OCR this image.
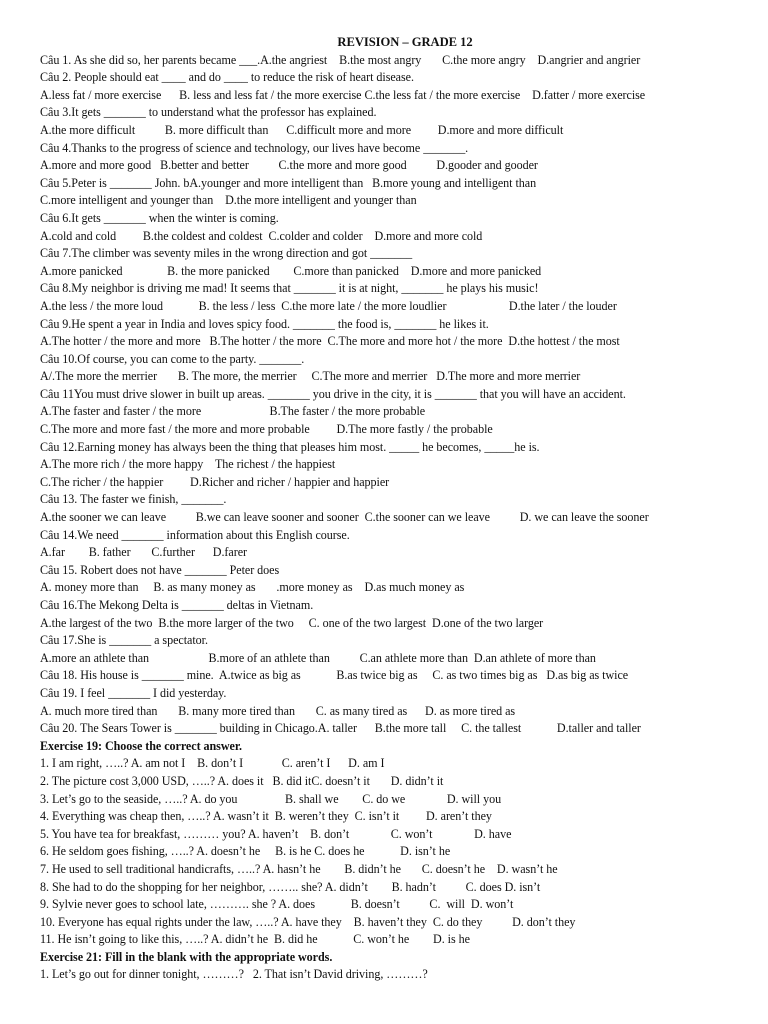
REVISION – GRADE 12
Câu 1. As she did so, her parents became ___.A.the angriest    B.the most angry       C.the more angry    D.angrier and angrier
Câu 2. People should eat ____ and do ____ to reduce the risk of heart disease.
A.less fat / more exercise      B. less and less fat / the more exercise C.the less fat / the more exercise    D.fatter / more exercise
Câu 3.It gets _______ to understand what the professor has explained.
A.the more difficult          B. more difficult than      C.difficult more and more         D.more and more difficult
Câu 4.Thanks to the progress of science and technology, our lives have become _______.
A.more and more good   B.better and better          C.the more and more good          D.gooder and gooder
Câu 5.Peter is _______ John. bA.younger and more intelligent than   B.more young and intelligent than
C.more intelligent and younger than    D.the more intelligent and younger than
Câu 6.It gets _______ when the winter is coming.
A.cold and cold         B.the coldest and coldest  C.colder and colder    D.more and more cold
Câu 7.The climber was seventy miles in the wrong direction and got _______
A.more panicked               B. the more panicked        C.more than panicked    D.more and more panicked
Câu 8.My neighbor is driving me mad! It seems that _______ it is at night, _______ he plays his music!
A.the less / the more loud            B. the less / less  C.the more late / the more loudlier                     D.the later / the louder
Câu 9.He spent a year in India and loves spicy food. _______ the food is, _______ he likes it.
A.The hotter / the more and more   B.The hotter / the more  C.The more and more hot / the more  D.the hottest / the most
Câu 10.Of course, you can come to the party. _______.
A/.The more the merrier       B. The more, the merrier     C.The more and merrier   D.The more and more merrier
Câu 11You must drive slower in built up areas. _______ you drive in the city, it is _______ that you will have an accident.
A.The faster and faster / the more                       B.The faster / the more probable
C.The more and more fast / the more and more probable         D.The more fastly / the probable
Câu 12.Earning money has always been the thing that pleases him most. _____ he becomes, _____he is.
A.The more rich / the more happy    The richest / the happiest
C.The richer / the happier         D.Richer and richer / happier and happier
Câu 13. The faster we finish, _______.
A.the sooner we can leave          B.we can leave sooner and sooner  C.the sooner can we leave          D. we can leave the sooner
Câu 14.We need _______ information about this English course.
A.far        B. father       C.further      D.farer
Câu 15. Robert does not have _______ Peter does
A. money more than     B. as many money as       .more money as    D.as much money as
Câu 16.The Mekong Delta is _______ deltas in Vietnam.
A.the largest of the two  B.the more larger of the two     C. one of the two largest  D.one of the two larger
Câu 17.She is _______ a spectator.
A.more an athlete than                    B.more of an athlete than          C.an athlete more than  D.an athlete of more than
Câu 18. His house is _______ mine.  A.twice as big as            B.as twice big as     C. as two times big as   D.as big as twice
Câu 19. I feel _______ I did yesterday.
A. much more tired than       B. many more tired than       C. as many tired as      D. as more tired as
Câu 20. The Sears Tower is _______ building in Chicago.A. taller      B.the more tall     C. the tallest            D.taller and taller
Exercise 19: Choose the correct answer.
1. I am right, …..? A. am not I    B. don’t I             C. aren’t I      D. am I
2. The picture cost 3,000 USD, …..? A. does it   B. did itC. doesn’t it       D. didn’t it
3. Let’s go to the seaside, …..? A. do you                B. shall we        C. do we              D. will you
4. Everything was cheap then, …..? A. wasn’t it  B. weren’t they  C. isn’t it         D. aren’t they
5. You have tea for breakfast, ……… you? A. haven’t    B. don’t              C. won’t              D. have
6. He seldom goes fishing, …..? A. doesn’t he     B. is he C. does he            D. isn’t he
7. He used to sell traditional handicrafts, …..? A. hasn’t he        B. didn’t he       C. doesn’t he    D. wasn’t he
8. She had to do the shopping for her neighbor, …….. she? A. didn’t        B. hadn’t          C. does D. isn’t
9. Sylvie never goes to school late, ………. she ? A. does            B. doesn’t          C.  will  D. won’t
10. Everyone has equal rights under the law, …..? A. have they    B. haven’t they  C. do they          D. don’t they
11. He isn’t going to like this, …..? A. didn’t he  B. did he            C. won’t he        D. is he
Exercise 21: Fill in the blank with the appropriate words.
1. Let’s go out for dinner tonight, ………?   2. That isn’t David driving, ………?
